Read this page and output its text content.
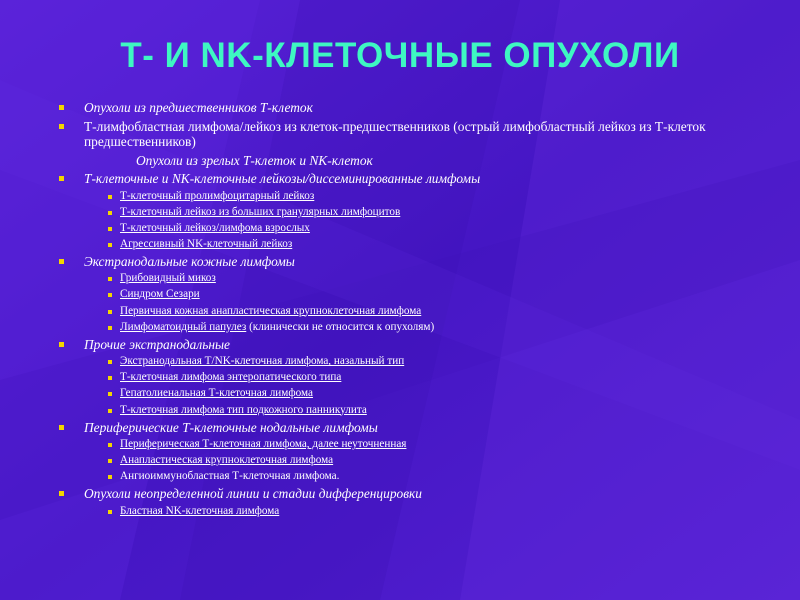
Т- И NK-КЛЕТОЧНЫЕ ОПУХОЛИ
Опухоли из предшественников Т-клеток
Т-лимфобластная лимфома/лейкоз из клеток-предшественников (острый лимфобластный лейкоз из Т-клеток предшественников)
Опухоли из зрелых Т-клеток и NK-клеток
Т-клеточные и NK-клеточные лейкозы/диссеминированные лимфомы
Т-клеточный пролимфоцитарный лейкоз
Т-клеточный лейкоз из больших гранулярных лимфоцитов
Т-клеточный лейкоз/лимфома взрослых
Агрессивный NK-клеточный лейкоз
Экстранодальные кожные лимфомы
Грибовидный микоз
Синдром Сезари
Первичная кожная анапластическая крупноклеточная лимфома
Лимфоматоидный папулез (клинически не относится к опухолям)
Прочие экстранодальные
Экстранодальная Т/NK-клеточная лимфома, назальный тип
Т-клеточная лимфома энтеропатического типа
Гепатолиенальная Т-клеточная лимфома
Т-клеточная лимфома тип подкожного панникулита
Периферические Т-клеточные нодальные лимфомы
Периферическая Т-клеточная лимфома, далее неуточненная
Анапластическая крупноклеточная лимфома
Ангиоиммунобластная Т-клеточная лимфома.
Опухоли неопределенной линии и стадии дифференцировки
Бластная NK-клеточная лимфома
